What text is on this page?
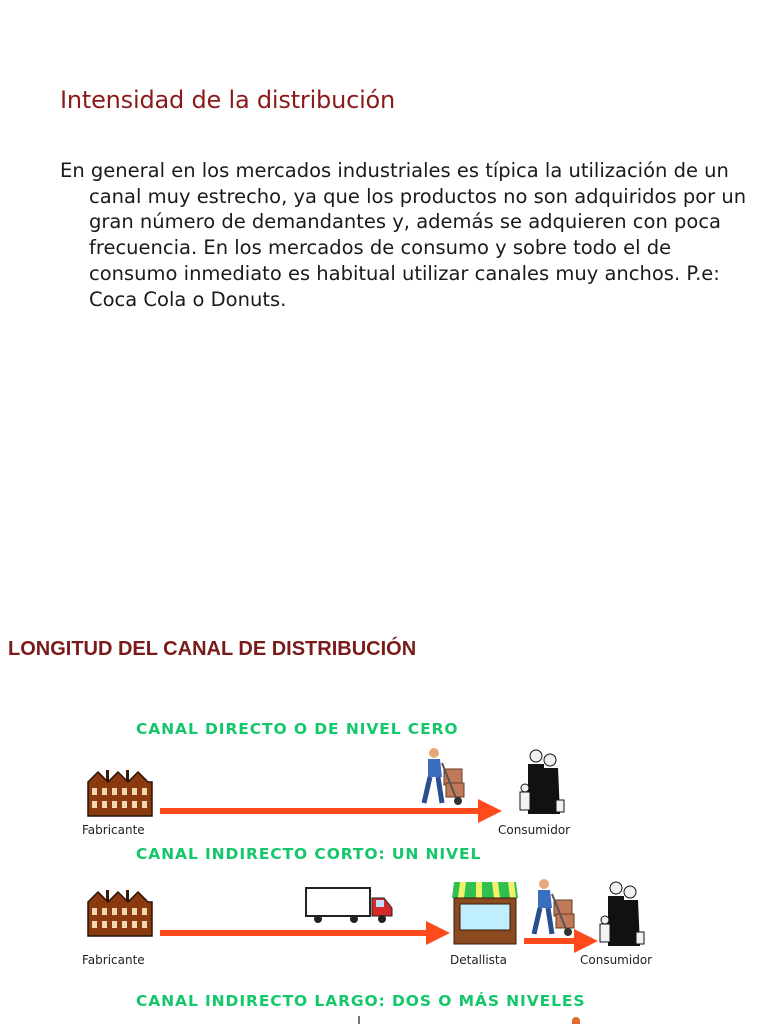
Intensidad de la distribución
En general en los mercados industriales es típica la utilización de un canal muy estrecho, ya que los productos no son adquiridos por un gran número de demandantes y, además se adquieren con poca frecuencia. En los mercados de consumo y sobre todo el de consumo inmediato es habitual utilizar canales muy anchos. P.e: Coca Cola o Donuts.
LONGITUD DEL CANAL DE DISTRIBUCIÓN
CANAL DIRECTO O DE NIVEL CERO
Fabricante	Consumidor
CANAL INDIRECTO CORTO: UN NIVEL
Fabricante	Detallista	Consumidor
CANAL INDIRECTO LARGO: DOS O MÁS NIVELES
